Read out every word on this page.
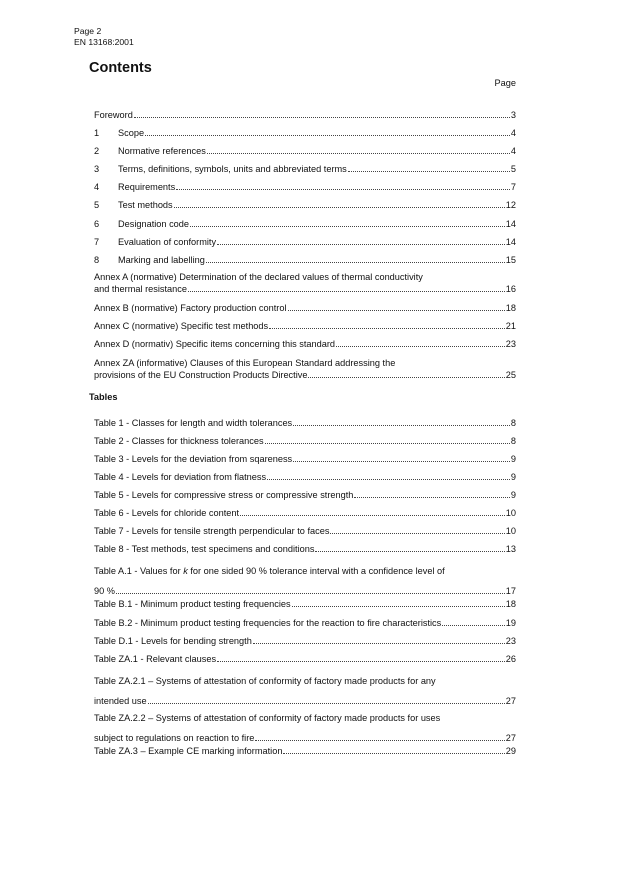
Page 2
EN 13168:2001
Contents
Page
Foreword	3
1	Scope	4
2	Normative references	4
3	Terms, definitions, symbols, units and abbreviated terms	5
4	Requirements	7
5	Test methods	12
6	Designation code	14
7	Evaluation of conformity	14
8	Marking and labelling	15
Annex A (normative) Determination of the declared values of thermal conductivity
and thermal resistance	16
Annex B (normative) Factory production control	18
Annex C (normative) Specific test methods	21
Annex D (normativ) Specific items concerning this standard	23
Annex ZA (informative) Clauses of this European Standard addressing the
provisions of the EU Construction Products Directive	25
Tables
Table 1 - Classes for length and width tolerances	8
Table 2 - Classes for thickness tolerances	8
Table 3 - Levels for the deviation from sqareness	9
Table 4 - Levels for deviation from flatness	9
Table 5 - Levels for compressive stress or compressive strength	9
Table 6 - Levels for chloride content	10
Table 7 - Levels for tensile strength perpendicular to faces	10
Table 8 - Test methods, test specimens and conditions	13
Table A.1 - Values for k for one sided 90 % tolerance interval with a confidence level of
90 %	17
Table B.1 - Minimum product testing frequencies	18
Table B.2 - Minimum product testing frequencies for the reaction to fire characteristics	19
Table D.1 - Levels for bending strength	23
Table ZA.1 - Relevant clauses	26
Table ZA.2.1 – Systems of attestation of conformity of factory made products for any
intended use	27
Table ZA.2.2 – Systems of attestation of conformity of factory made products for uses
subject to regulations on reaction to fire	27
Table ZA.3 – Example CE marking information	29
